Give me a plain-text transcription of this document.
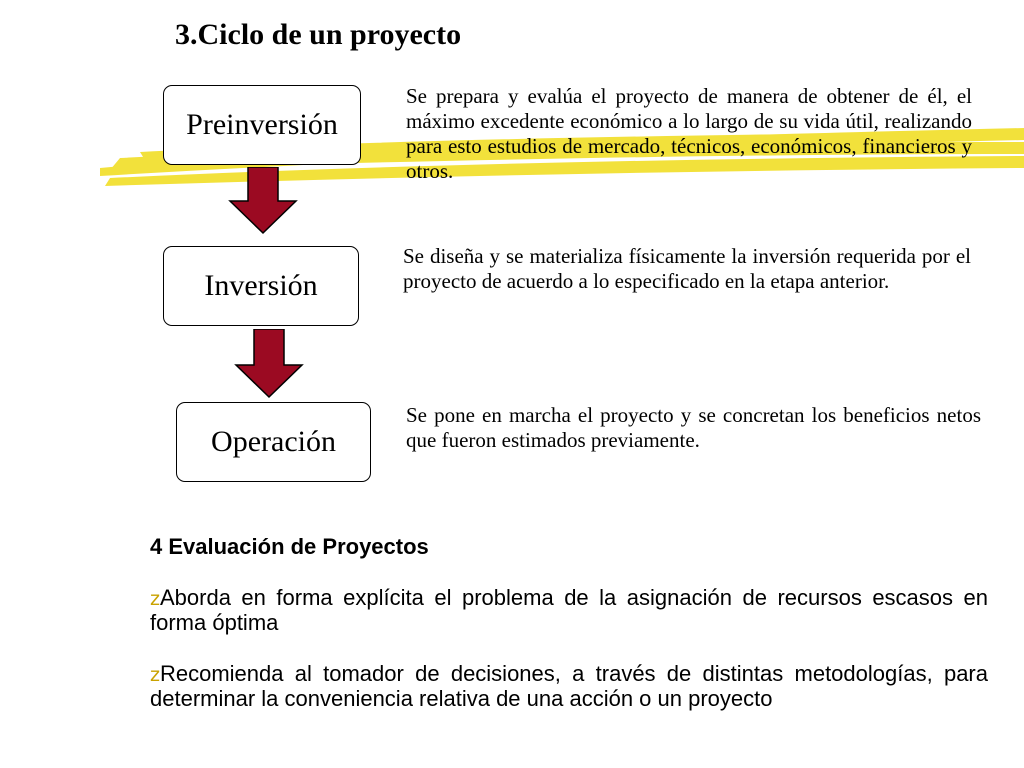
3.Ciclo de un proyecto
Preinversión
Inversión
Operación
Se prepara y evalúa el proyecto de manera de obtener de él, el máximo excedente económico a lo largo de su vida útil, realizando para esto estudios de mercado, técnicos, económicos, financieros y otros.
Se diseña y se materializa físicamente la inversión requerida por el proyecto de acuerdo a lo especificado en la etapa anterior.
Se pone en marcha el proyecto y se concretan los beneficios netos que fueron estimados previamente.
4 Evaluación de Proyectos
zAborda en forma explícita el problema de la asignación de recursos escasos en forma óptima
zRecomienda al tomador de decisiones, a través de distintas metodologías, para determinar la conveniencia relativa de una acción o un proyecto
